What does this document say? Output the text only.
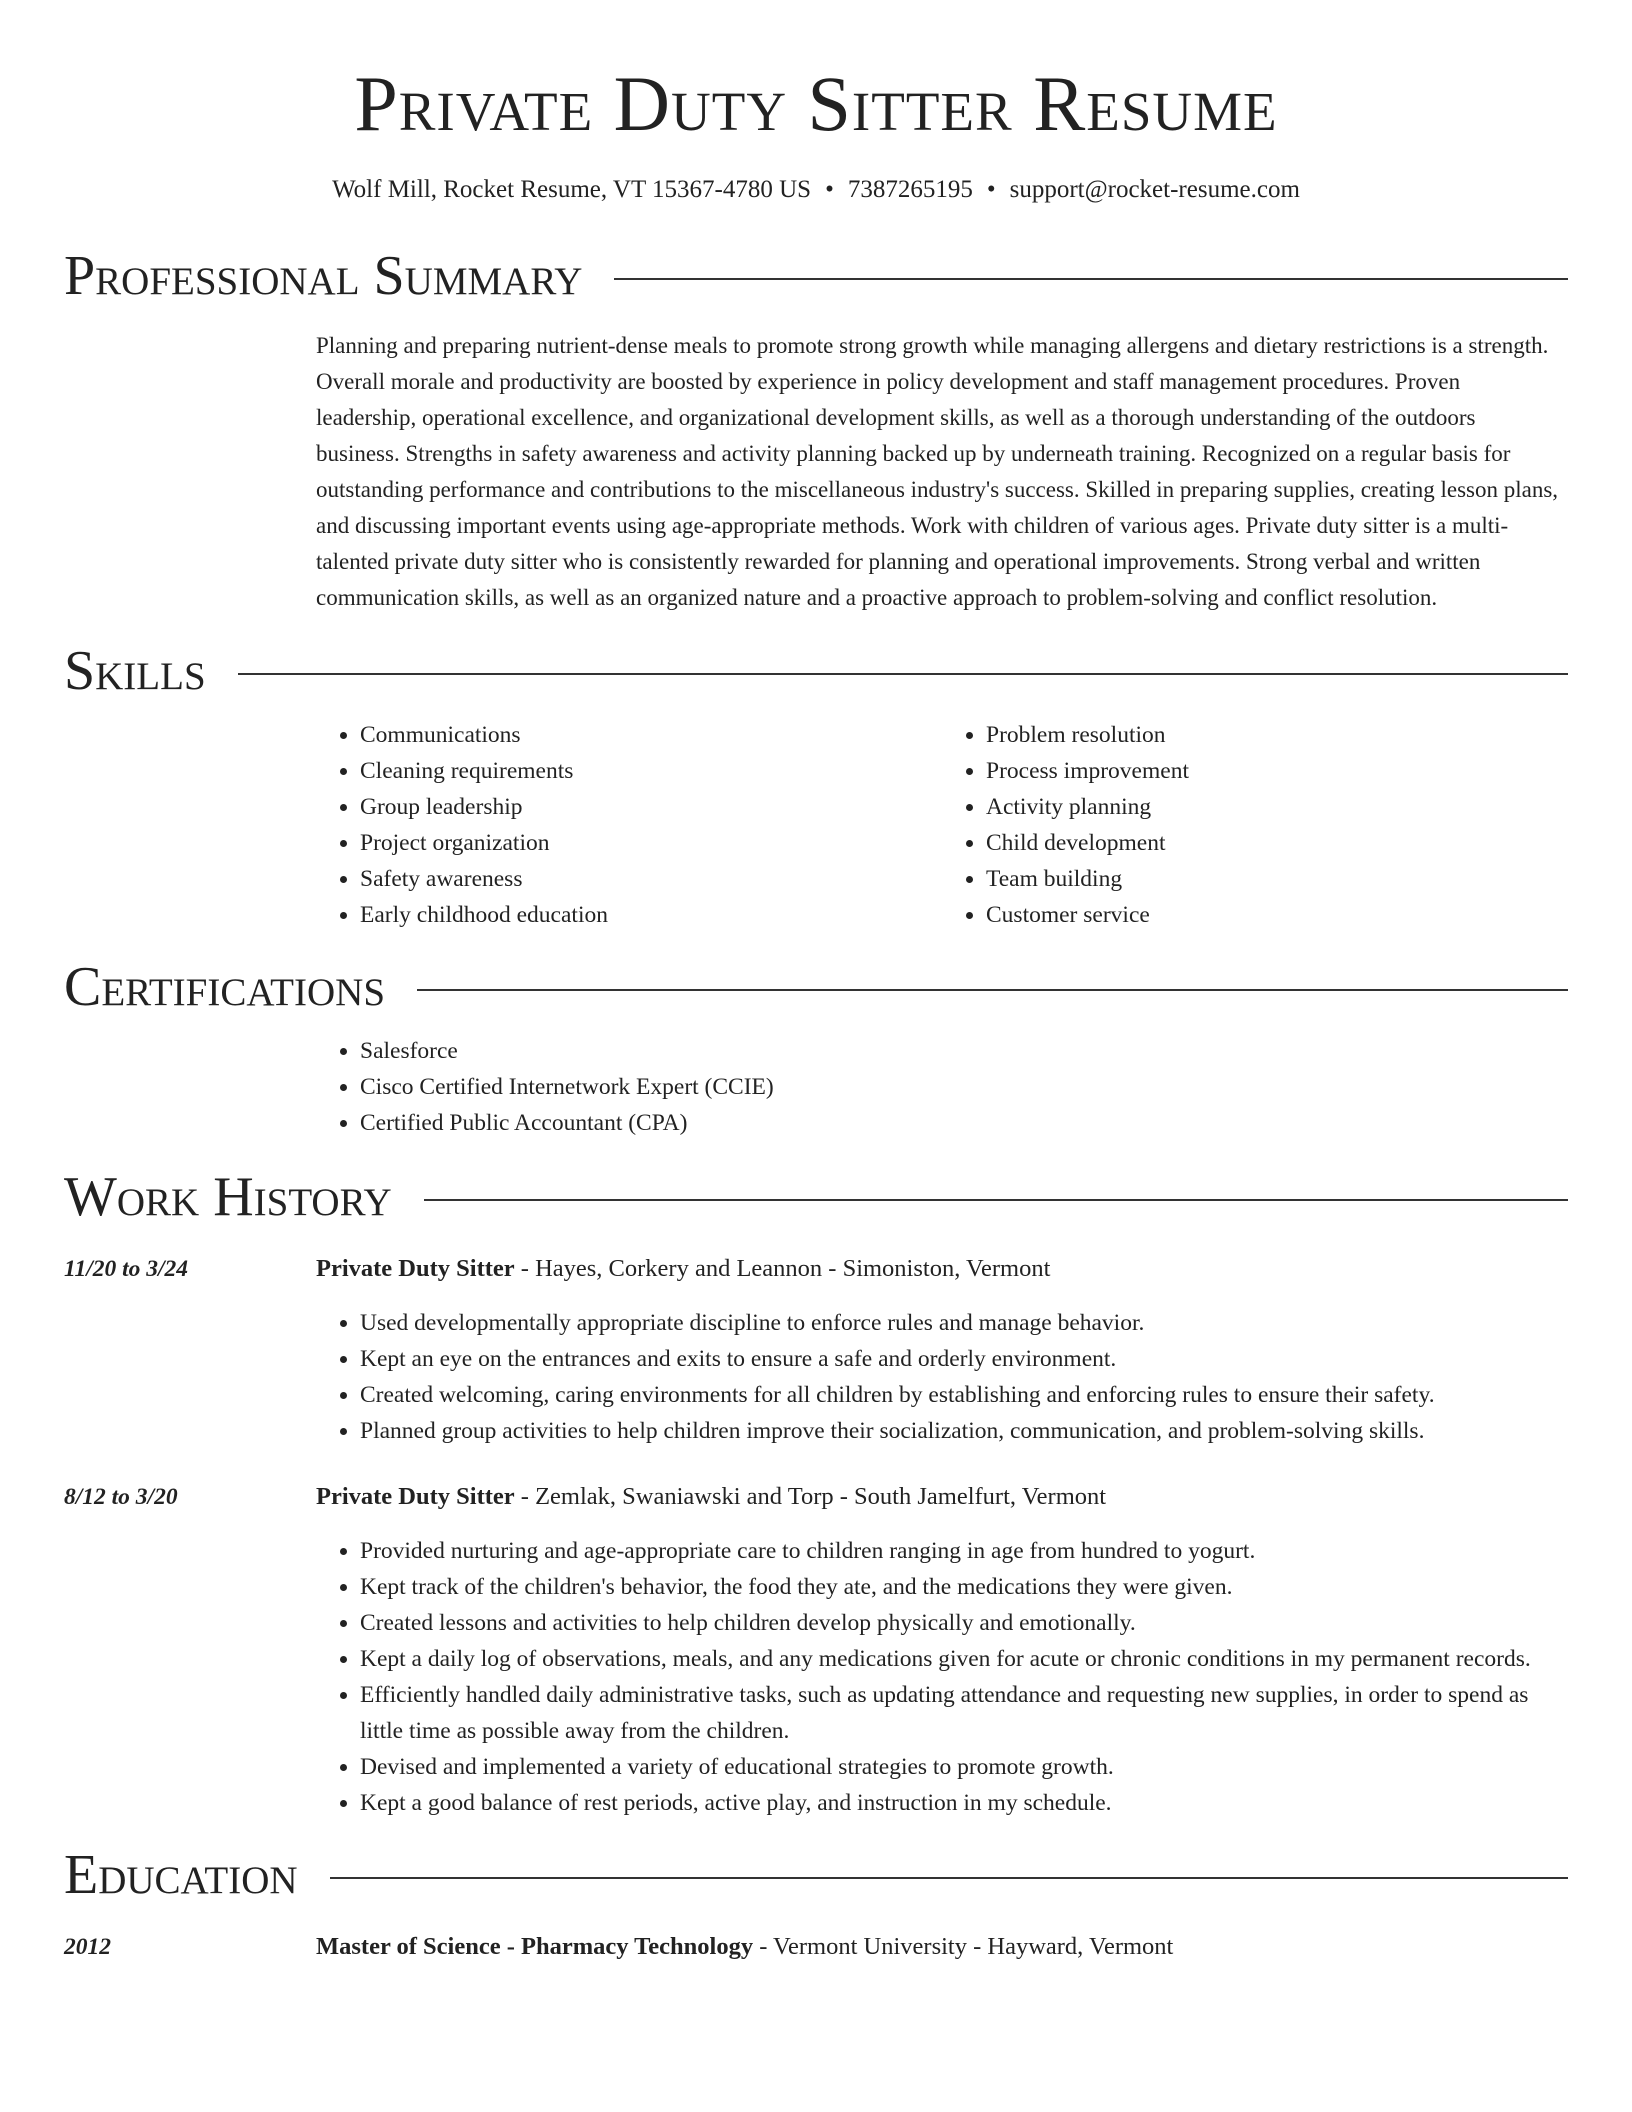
Private Duty Sitter Resume
Wolf Mill, Rocket Resume, VT 15367-4780 US • 7387265195 • support@rocket-resume.com
Professional Summary

Planning and preparing nutrient-dense meals to promote strong growth while managing allergens and dietary restrictions is a strength. Overall morale and productivity are boosted by experience in policy development and staff management procedures. Proven leadership, operational excellence, and organizational development skills, as well as a thorough understanding of the outdoors business. Strengths in safety awareness and activity planning backed up by underneath training. Recognized on a regular basis for outstanding performance and contributions to the miscellaneous industry's success. Skilled in preparing supplies, creating lesson plans, and discussing important events using age-appropriate methods. Work with children of various ages. Private duty sitter is a multi-talented private duty sitter who is consistently rewarded for planning and operational improvements. Strong verbal and written communication skills, as well as an organized nature and a proactive approach to problem-solving and conflict resolution.

Skills
• Communications
• Cleaning requirements
• Group leadership
• Project organization
• Safety awareness
• Early childhood education
• Problem resolution
• Process improvement
• Activity planning
• Child development
• Team building
• Customer service
Certifications
• Salesforce
• Cisco Certified Internetwork Expert (CCIE)
• Certified Public Accountant (CPA)
Work History
11/20 to 3/24	Private Duty Sitter - Hayes, Corkery and Leannon - Simoniston, Vermont
• Used developmentally appropriate discipline to enforce rules and manage behavior.
• Kept an eye on the entrances and exits to ensure a safe and orderly environment.
• Created welcoming, caring environments for all children by establishing and enforcing rules to ensure their safety.
• Planned group activities to help children improve their socialization, communication, and problem-solving skills.
8/12 to 3/20	Private Duty Sitter - Zemlak, Swaniawski and Torp - South Jamelfurt, Vermont
• Provided nurturing and age-appropriate care to children ranging in age from hundred to yogurt.
• Kept track of the children's behavior, the food they ate, and the medications they were given.
• Created lessons and activities to help children develop physically and emotionally.
• Kept a daily log of observations, meals, and any medications given for acute or chronic conditions in my permanent records.
• Efficiently handled daily administrative tasks, such as updating attendance and requesting new supplies, in order to spend as little time as possible away from the children.
• Devised and implemented a variety of educational strategies to promote growth.
• Kept a good balance of rest periods, active play, and instruction in my schedule.
Education
2012	Master of Science - Pharmacy Technology - Vermont University - Hayward, Vermont
